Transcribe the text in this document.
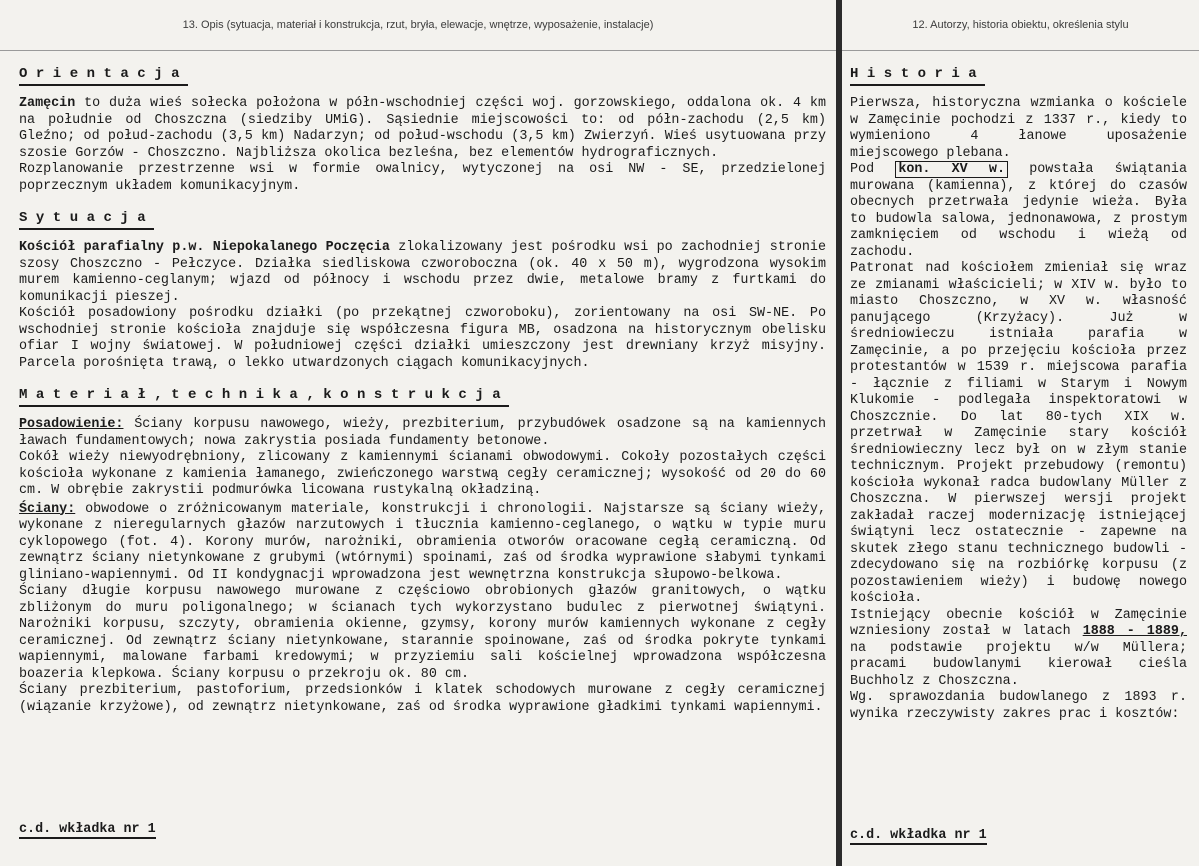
13. Opis (sytuacja, materiał i konstrukcja, rzut, bryła, elewacje, wnętrze, wyposażenie, instalacje)
Orientacja

Zamęcin to duża wieś sołecka położona w półn-wschodniej części woj. gorzowskiego, oddalona ok. 4 km na południe od Choszczna (siedziby UMiG). Sąsiednie miejscowości to: od półn-zachodu (2,5 km) Gleźno; od połud-zachodu (3,5 km) Nadarzyn; od połud-wschodu (3,5 km) Zwierzyń. Wieś usytuowana przy szosie Gorzów - Choszczno. Najbliższa okolica bezleśna, bez elementów hydrograficznych.

Rozplanowanie przestrzenne wsi w formie owalnicy, wytyczonej na osi NW - SE, przedzielonej poprzecznym układem komunikacyjnym.

Sytuacja

Kościół parafialny p.w. Niepokalanego Poczęcia zlokalizowany jest pośrodku wsi po zachodniej stronie szosy Choszczno - Pełczyce. Działka siedliskowa czworoboczna (ok. 40 x 50 m), wygrodzona wysokim murem kamienno-ceglanym; wjazd od północy i wschodu przez dwie, metalowe bramy z furtkami do komunikacji pieszej.

Kościół posadowiony pośrodku działki (po przekątnej czworoboku), zorientowany na osi SW-NE. Po wschodniej stronie kościoła znajduje się współczesna figura MB, osadzona na historycznym obelisku ofiar I wojny światowej. W południowej części działki umieszczony jest drewniany krzyż misyjny. Parcela porośnięta trawą, o lekko utwardzonych ciągach komunikacyjnych.

Materiał,technika,konstrukcja

Posadowienie: Ściany korpusu nawowego, wieży, prezbiterium, przybudówek osadzone są na kamiennych ławach fundamentowych; nowa zakrystia posiada fundamenty betonowe.

Cokół wieży niewyodrębniony, zlicowany z kamiennymi ścianami obwodowymi. Cokoły pozostałych części kościoła wykonane z kamienia łamanego, zwieńczonego warstwą cegły ceramicznej; wysokość od 20 do 60 cm. W obrębie zakrystii podmurówka licowana rustykalną okładziną.

Ściany: obwodowe o zróżnicowanym materiale, konstrukcji i chronologii. Najstarsze są ściany wieży, wykonane z nieregularnych głazów narzutowych i tłucznia kamienno-ceglanego, o wątku w typie muru cyklopowego (fot. 4). Korony murów, narożniki, obramienia otworów oracowane cegłą ceramiczną. Od zewnątrz ściany nietynkowane z grubymi (wtórnymi) spoinami, zaś od środka wyprawione słabymi tynkami gliniano-wapiennymi. Od II kondygnacji wprowadzona jest wewnętrzna konstrukcja słupowo-belkowa.

Ściany długie korpusu nawowego murowane z częściowo obrobionych głazów granitowych, o wątku zbliżonym do muru poligonalnego; w ścianach tych wykorzystano budulec z pierwotnej świątyni. Narożniki korpusu, szczyty, obramienia okienne, gzymsy, korony murów kamiennych wykonane z cegły ceramicznej. Od zewnątrz ściany nietynkowane, starannie spoinowane, zaś od środka pokryte tynkami wapiennymi, malowane farbami kredowymi; w przyziemiu sali kościelnej wprowadzona współczesna boazeria klepkowa. Ściany korpusu o przekroju ok. 80 cm.

Ściany prezbiterium, pastoforium, przedsionków i klatek schodowych murowane z cegły ceramicznej (wiązanie krzyżowe), od zewnątrz nietynkowane, zaś od środka wyprawione gładkimi tynkami wapiennymi.

c.d. wkładka nr 1
12. Autorzy, historia obiektu, określenia stylu
Historia

Pierwsza, historyczna wzmianka o kościele w Zamęcinie pochodzi z 1337 r., kiedy to wymieniono 4 łanowe uposażenie miejscowego plebana.

Pod kon. XV w. powstała świątania murowana (kamienna), z której do czasów obecnych przetrwała jedynie wieża. Była to budowla salowa, jednonawowa, z prostym zamknięciem od wschodu i wieżą od zachodu.

Patronat nad kościołem zmieniał się wraz ze zmianami właścicieli; w XIV w. było to miasto Choszczno, w XV w. własność panującego (Krzyżacy). Już w średniowieczu istniała parafia w Zamęcinie, a po przejęciu kościoła przez protestantów w 1539 r. miejscowa parafia - łącznie z filiami w Starym i Nowym Klukomie - podlegała inspektoratowi w Choszcznie. Do lat 80-tych XIX w. przetrwał w Zamęcinie stary kościół średniowieczny lecz był on w złym stanie technicznym. Projekt przebudowy (remontu) kościoła wykonał radca budowlany Müller z Choszczna. W pierwszej wersji projekt zakładał raczej modernizację istniejącej świątyni lecz ostatecznie - zapewne na skutek złego stanu technicznego budowli - zdecydowano się na rozbiórkę korpusu (z pozostawieniem wieży) i budowę nowego kościoła.

Istniejący obecnie kościół w Zamęcinie wzniesiony został w latach 1888 - 1889, na podstawie projektu w/w Müllera; pracami budowlanymi kierował cieśla Buchholz z Choszczna.

Wg. sprawozdania budowlanego z 1893 r. wynika rzeczywisty zakres prac i kosztów:

c.d. wkładka nr 1
